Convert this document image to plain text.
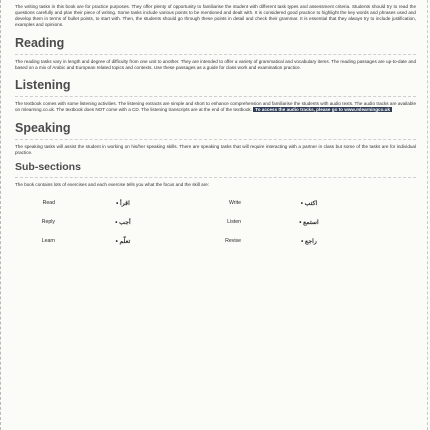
The writing tasks in this book are for practice purposes. They offer plenty of opportunity to familiarise the student with different task types and assessment criteria. Students should try to read the questions carefully and plan their piece of writing. Some tasks include various points to be mentioned and dealt with. It is considered good practice to highlight the key words and phrases used and develop them in terms of bullet points, to start with. Then, the students should go through these points in detail and check their grammar. It is essential that they always try to include justification, examples and opinions.

Reading

The reading tasks vary in length and degree of difficulty from one unit to another. They are intended to offer a variety of grammatical and vocabulary items. The reading passages are up-to-date and based on a mix of Arabic and European related topics and contexts. Use these passages as a guide for class work and examination practice.

Listening

The textbook comes with some listening activities. The listening extracts are simple and short to enhance comprehension and familiarise the students with audio texts. The audio tracks are available on mlearning.co.uk. The textbook does NOT come with a CD. The listening transcripts are at the end of the textbook. To access the audio tracks, please go to www.mlearningco.uk

Speaking

The speaking tasks will assist the student in working on his/her speaking skills. There are speaking tasks that will require interacting with a partner in class but some of the tasks are for individual practice.

Sub-sections

The book contains lots of exercises and each exercise tells you what the focus and the skill are:

Read	• اقرأ	Write	• اكتب
Reply	• أجب	Listen	• استمع
Learn	• تعلّم	Revise	• راجع
